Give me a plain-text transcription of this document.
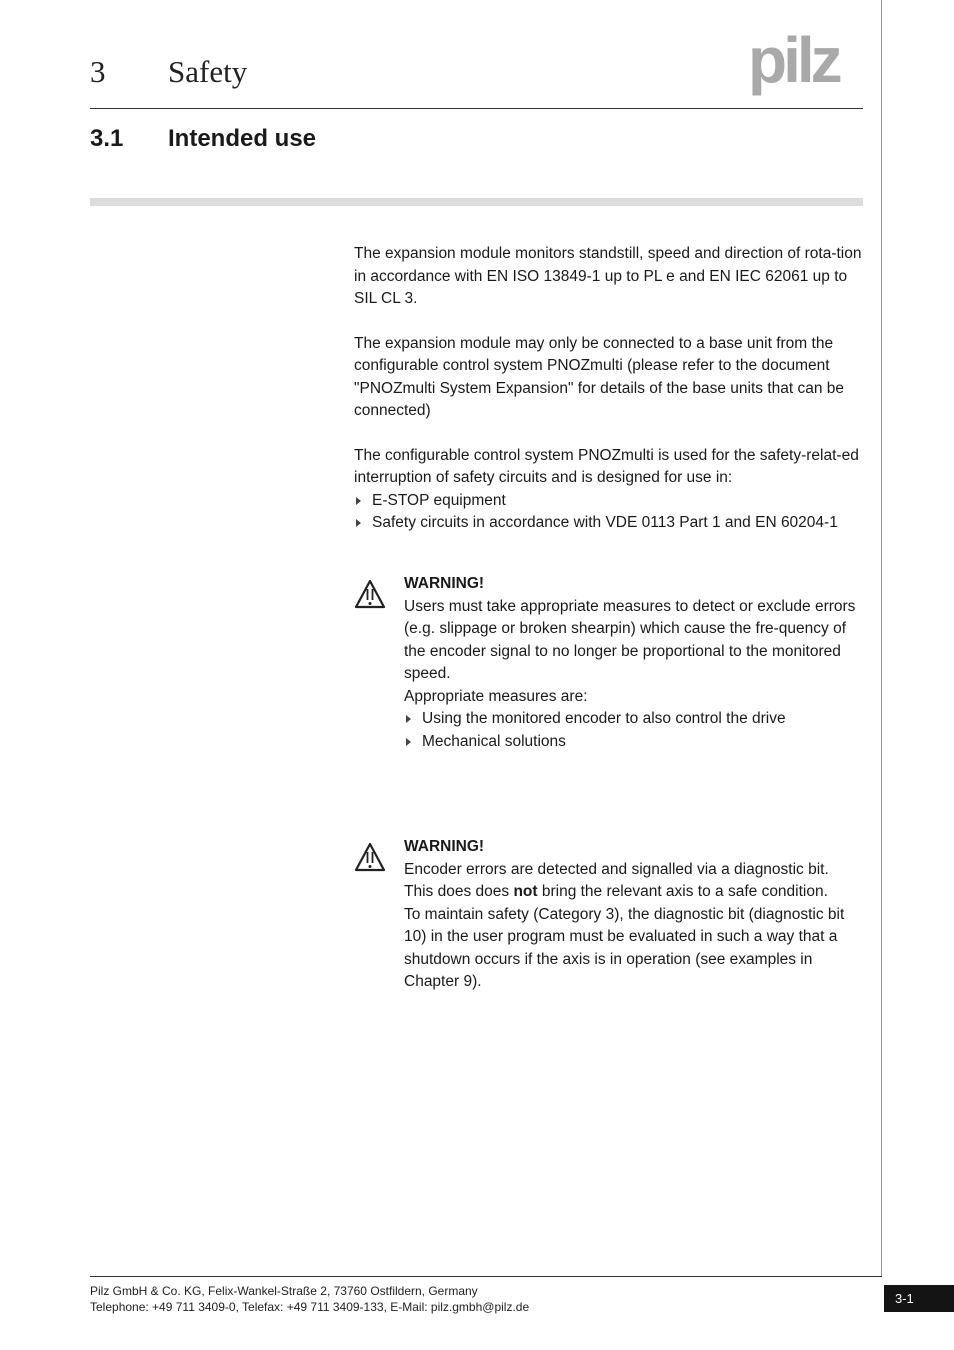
3 Safety	pilz
3.1 Intended use

The expansion module monitors standstill, speed and direction of rota-tion in accordance with EN ISO 13849-1 up to PL e and EN IEC 62061 up to SIL CL 3.

The expansion module may only be connected to a base unit from the configurable control system PNOZmulti (please refer to the document "PNOZmulti System Expansion" for details of the base units that can be connected)

The configurable control system PNOZmulti is used for the safety-relat-ed interruption of safety circuits and is designed for use in:

E-STOP equipment
Safety circuits in accordance with VDE 0113 Part 1 and EN 60204-1

WARNING!

Users must take appropriate measures to detect or exclude errors (e.g. slippage or broken shearpin) which cause the fre-quency of the encoder signal to no longer be proportional to the monitored speed.

Appropriate measures are:

Using the monitored encoder to also control the drive
Mechanical solutions

WARNING!

Encoder errors are detected and signalled via a diagnostic bit.

This does does not bring the relevant axis to a safe condition.

To maintain safety (Category 3), the diagnostic bit (diagnostic bit 10) in the user program must be evaluated in such a way that a shutdown occurs if the axis is in operation (see examples in Chapter 9).

Pilz GmbH & Co. KG, Felix-Wankel-Straße 2, 73760 Ostfildern, Germany
Telephone: +49 711 3409-0, Telefax: +49 711 3409-133, E-Mail: pilz.gmbh@pilz.de
3-1
